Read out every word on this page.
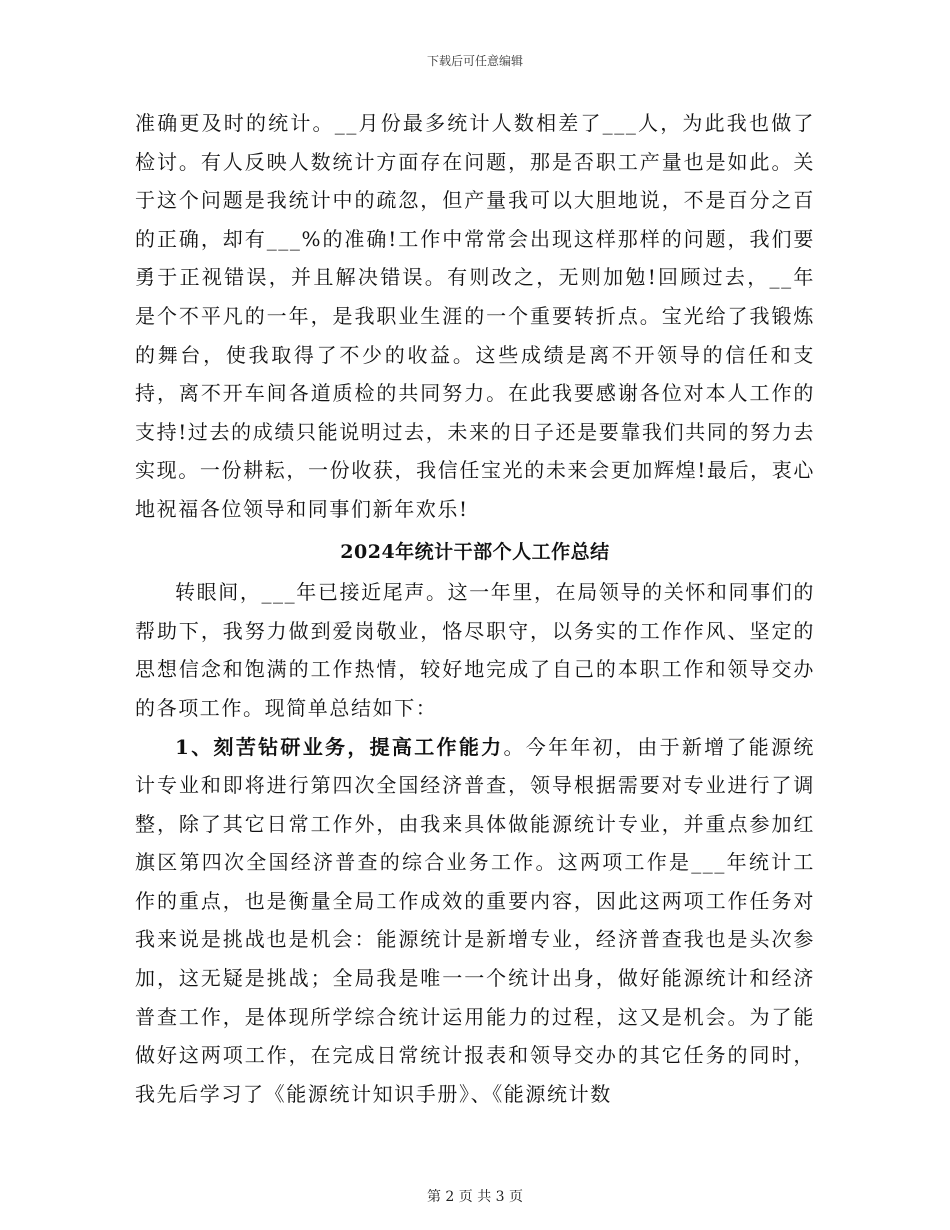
下载后可任意编辑

准确更及时的统计。__月份最多统计人数相差了___人，为此我也做了检讨。有人反映人数统计方面存在问题，那是否职工产量也是如此。关于这个问题是我统计中的疏忽，但产量我可以大胆地说，不是百分之百的正确，却有___%的准确!工作中常常会出现这样那样的问题，我们要勇于正视错误，并且解决错误。有则改之，无则加勉!回顾过去，__年是个不平凡的一年，是我职业生涯的一个重要转折点。宝光给了我锻炼的舞台，使我取得了不少的收益。这些成绩是离不开领导的信任和支持，离不开车间各道质检的共同努力。在此我要感谢各位对本人工作的支持!过去的成绩只能说明过去，未来的日子还是要靠我们共同的努力去实现。一份耕耘，一份收获，我信任宝光的未来会更加辉煌!最后，衷心地祝福各位领导和同事们新年欢乐!

2024年统计干部个人工作总结

转眼间，___年已接近尾声。这一年里，在局领导的关怀和同事们的帮助下，我努力做到爱岗敬业，恪尽职守，以务实的工作作风、坚定的思想信念和饱满的工作热情，较好地完成了自己的本职工作和领导交办的各项工作。现简单总结如下：

1、刻苦钻研业务，提高工作能力。今年年初，由于新增了能源统计专业和即将进行第四次全国经济普查，领导根据需要对专业进行了调整，除了其它日常工作外，由我来具体做能源统计专业，并重点参加红旗区第四次全国经济普查的综合业务工作。这两项工作是___年统计工作的重点，也是衡量全局工作成效的重要内容，因此这两项工作任务对我来说是挑战也是机会：能源统计是新增专业，经济普查我也是头次参加，这无疑是挑战；全局我是唯一一个统计出身，做好能源统计和经济普查工作，是体现所学综合统计运用能力的过程，这又是机会。为了能做好这两项工作，在完成日常统计报表和领导交办的其它任务的同时，我先后学习了《能源统计知识手册》、《能源统计数

第 2 页 共 3 页
